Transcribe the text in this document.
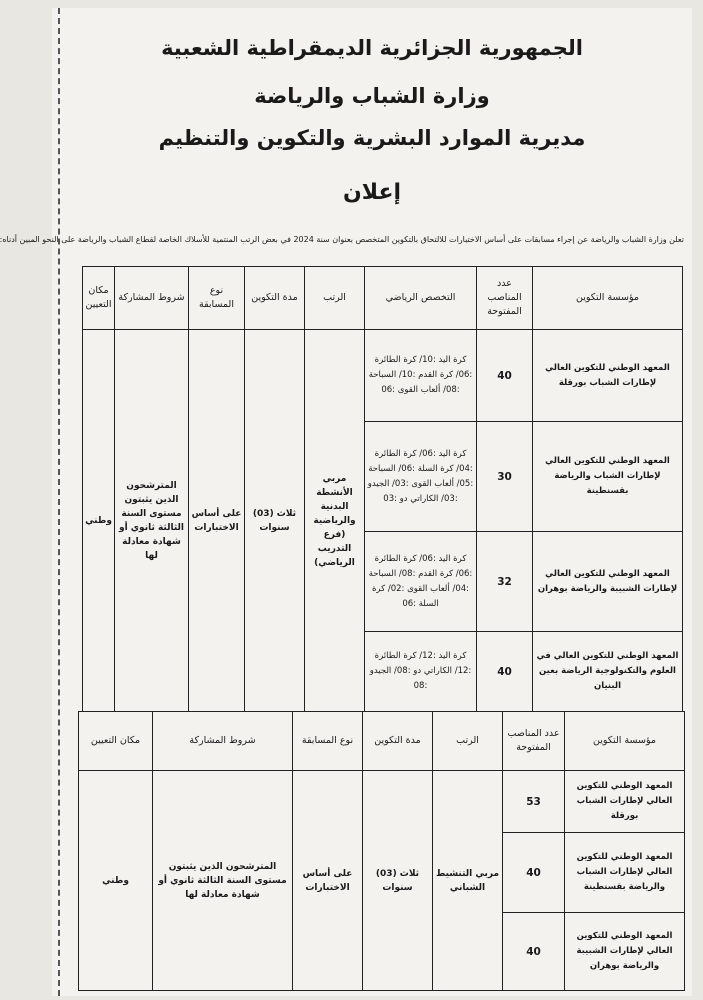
الجمهورية الجزائرية الديمقراطية الشعبية
وزارة الشباب والرياضة
مديرية الموارد البشرية والتكوين والتنظيم
إعلان
تعلن وزارة الشباب والرياضة عن إجراء مسابقات على أساس الاختبارات للالتحاق بالتكوين المتخصص بعنوان سنة 2024 في بعض الرتب المنتمية للأسلاك الخاصة لقطاع الشباب والرياضة على النحو المبين أدناه:
مؤسسة التكوين	عدد المناصب المفتوحة	التخصص الرياضي	الرتب	مدة التكوين	نوع المسابقة	شروط المشاركة	مكان التعيين
المعهد الوطني للتكوين العالي لإطارات الشباب بورقلة	40	كرة اليد :10/ كرة الطائرة :06/ كرة القدم :10/ السباحة :08/ ألعاب القوى :06	مربي الأنشطة البدنية والرياضية (فرع التدريب الرياضي)	ثلاث (03) سنوات	على أساس الاختبارات	المترشحون الذين يثبتون مستوى السنة الثالثة ثانوي أو شهادة معادلة لها	وطني
المعهد الوطني للتكوين العالي لإطارات الشباب والرياضة بقسنطينة	30	كرة اليد :06/ كرة الطائرة :04/ كرة السلة :06/ السباحة :05/ ألعاب القوى :03/ الجيدو :03/ الكاراتي دو :03					
المعهد الوطني للتكوين العالي لإطارات الشبيبة والرياضة بوهران	32	كرة اليد :06/ كرة الطائرة :06/ كرة القدم :08/ السباحة :04/ ألعاب القوى :02/ كرة السلة :06					
المعهد الوطني للتكوين العالي في العلوم والتكنولوجية الرياضة بعين البنيان	40	كرة اليد :12/ كرة الطائرة :12/ الكاراتي دو :08/ الجيدو :08					
مؤسسة التكوين	عدد المناصب المفتوحة	الرتب	مدة التكوين	نوع المسابقة	شروط المشاركة	مكان التعيين
المعهد الوطني للتكوين العالي لإطارات الشباب بورقلة	53	مربي التنشيط الشباني	ثلاث (03) سنوات	على أساس الاختبارات	المترشحون الذين يثبتون مستوى السنة الثالثة ثانوي أو شهادة معادلة لها	وطني
المعهد الوطني للتكوين العالي لإطارات الشباب والرياضة بقسنطينة	40					
المعهد الوطني للتكوين العالي لإطارات الشبيبة والرياضة بوهران	40					
